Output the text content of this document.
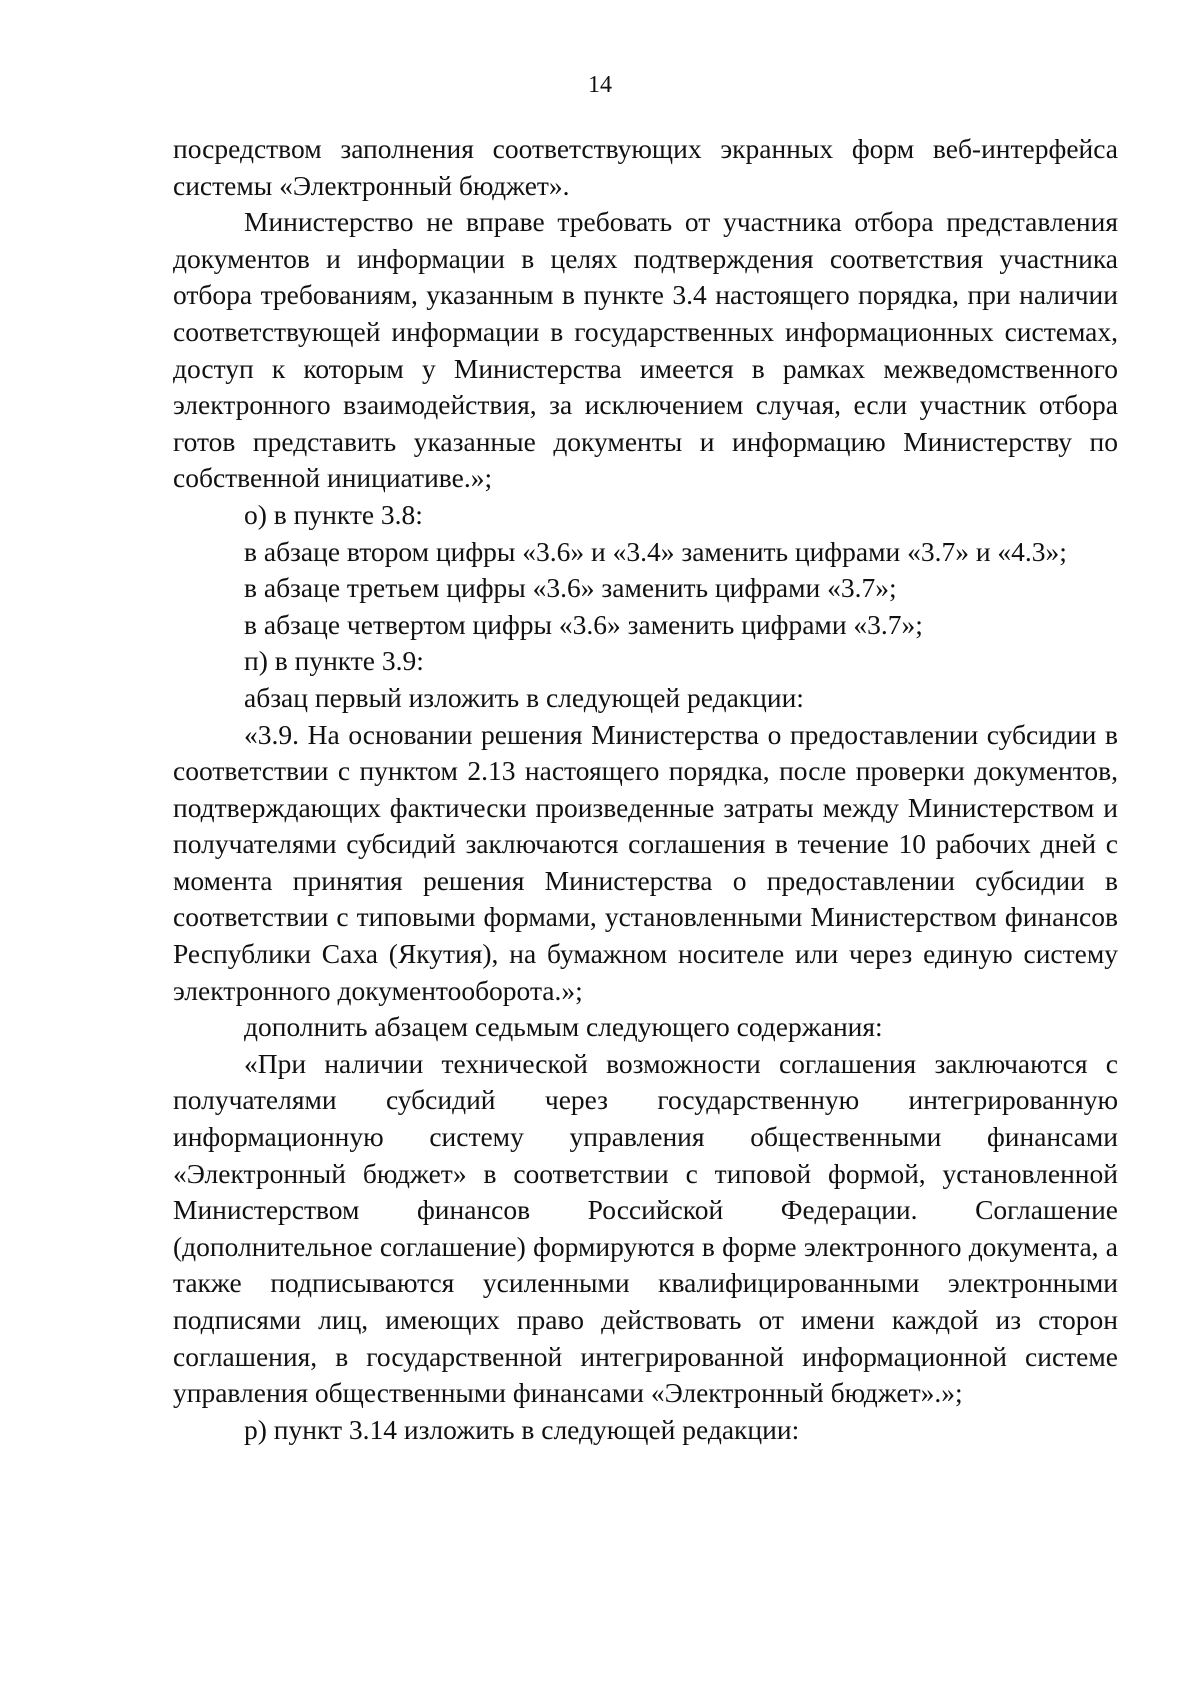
14

посредством заполнения соответствующих экранных форм веб-интерфейса системы «Электронный бюджет».

Министерство не вправе требовать от участника отбора представления документов и информации в целях подтверждения соответствия участника отбора требованиям, указанным в пункте 3.4 настоящего порядка, при наличии соответствующей информации в государственных информационных системах, доступ к которым у Министерства имеется в рамках межведомственного электронного взаимодействия, за исключением случая, если участник отбора готов представить указанные документы и информацию Министерству по собственной инициативе.»;

о) в пункте 3.8:

в абзаце втором цифры «3.6» и «3.4» заменить цифрами «3.7» и «4.3»;

в абзаце третьем цифры «3.6» заменить цифрами «3.7»;

в абзаце четвертом цифры «3.6» заменить цифрами «3.7»;

п) в пункте 3.9:

абзац первый изложить в следующей редакции:

«3.9. На основании решения Министерства о предоставлении субсидии в соответствии с пунктом 2.13 настоящего порядка, после проверки документов, подтверждающих фактически произведенные затраты между Министерством и получателями субсидий заключаются соглашения в течение 10 рабочих дней с момента принятия решения Министерства о предоставлении субсидии в соответствии с типовыми формами, установленными Министерством финансов Республики Саха (Якутия), на бумажном носителе или через единую систему электронного документооборота.»;

дополнить абзацем седьмым следующего содержания:

«При наличии технической возможности соглашения заключаются с получателями субсидий через государственную интегрированную информационную систему управления общественными финансами «Электронный бюджет» в соответствии с типовой формой, установленной Министерством финансов Российской Федерации. Соглашение (дополнительное соглашение) формируются в форме электронного документа, а также подписываются усиленными квалифицированными электронными подписями лиц, имеющих право действовать от имени каждой из сторон соглашения, в государственной интегрированной информационной системе управления общественными финансами «Электронный бюджет».»;

р) пункт 3.14 изложить в следующей редакции:
